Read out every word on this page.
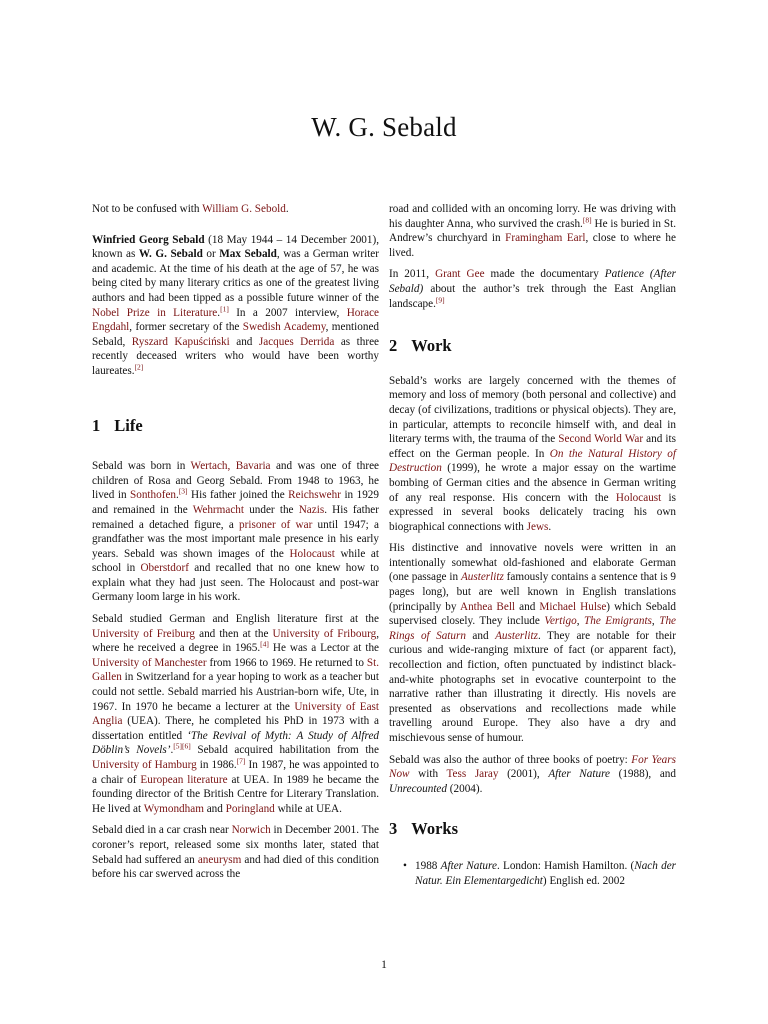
W. G. Sebald

Not to be confused with William G. Sebold.

Winfried Georg Sebald (18 May 1944 – 14 December 2001), known as W. G. Sebald or Max Sebald, was a German writer and academic. At the time of his death at the age of 57, he was being cited by many literary critics as one of the greatest living authors and had been tipped as a possible future winner of the Nobel Prize in Literature.[1] In a 2007 interview, Horace Engdahl, former secretary of the Swedish Academy, mentioned Sebald, Ryszard Kapuściński and Jacques Derrida as three recently deceased writers who would have been worthy laureates.[2]

1 Life

Sebald was born in Wertach, Bavaria and was one of three children of Rosa and Georg Sebald. From 1948 to 1963, he lived in Sonthofen.[3] His father joined the Reichswehr in 1929 and remained in the Wehrmacht under the Nazis. His father remained a detached figure, a prisoner of war until 1947; a grandfather was the most important male presence in his early years. Sebald was shown images of the Holocaust while at school in Oberstdorf and recalled that no one knew how to explain what they had just seen. The Holocaust and post-war Germany loom large in his work.

Sebald studied German and English literature first at the University of Freiburg and then at the University of Fribourg, where he received a degree in 1965.[4] He was a Lector at the University of Manchester from 1966 to 1969. He returned to St. Gallen in Switzerland for a year hoping to work as a teacher but could not settle. Sebald married his Austrian-born wife, Ute, in 1967. In 1970 he became a lecturer at the University of East Anglia (UEA). There, he completed his PhD in 1973 with a dissertation entitled ‘The Revival of Myth: A Study of Alfred Döblin’s Novels’.[5][6] Sebald acquired habilitation from the University of Hamburg in 1986.[7] In 1987, he was appointed to a chair of European literature at UEA. In 1989 he became the founding director of the British Centre for Literary Translation. He lived at Wymondham and Poringland while at UEA.

Sebald died in a car crash near Norwich in December 2001. The coroner’s report, released some six months later, stated that Sebald had suffered an aneurysm and had died of this condition before his car swerved across the

road and collided with an oncoming lorry. He was driving with his daughter Anna, who survived the crash.[8] He is buried in St. Andrew’s churchyard in Framingham Earl, close to where he lived.

In 2011, Grant Gee made the documentary Patience (After Sebald) about the author’s trek through the East Anglian landscape.[9]

2 Work

Sebald’s works are largely concerned with the themes of memory and loss of memory (both personal and collective) and decay (of civilizations, traditions or physical objects). They are, in particular, attempts to reconcile himself with, and deal in literary terms with, the trauma of the Second World War and its effect on the German people. In On the Natural History of Destruction (1999), he wrote a major essay on the wartime bombing of German cities and the absence in German writing of any real response. His concern with the Holocaust is expressed in several books delicately tracing his own biographical connections with Jews.

His distinctive and innovative novels were written in an intentionally somewhat old-fashioned and elaborate German (one passage in Austerlitz famously contains a sentence that is 9 pages long), but are well known in English translations (principally by Anthea Bell and Michael Hulse) which Sebald supervised closely. They include Vertigo, The Emigrants, The Rings of Saturn and Austerlitz. They are notable for their curious and wide-ranging mixture of fact (or apparent fact), recollection and fiction, often punctuated by indistinct black-and-white photographs set in evocative counterpoint to the narrative rather than illustrating it directly. His novels are presented as observations and recollections made while travelling around Europe. They also have a dry and mischievous sense of humour.

Sebald was also the author of three books of poetry: For Years Now with Tess Jaray (2001), After Nature (1988), and Unrecounted (2004).

3 Works
• 1988 After Nature. London: Hamish Hamilton. (Nach der Natur. Ein Elementargedicht) English ed. 2002
1
